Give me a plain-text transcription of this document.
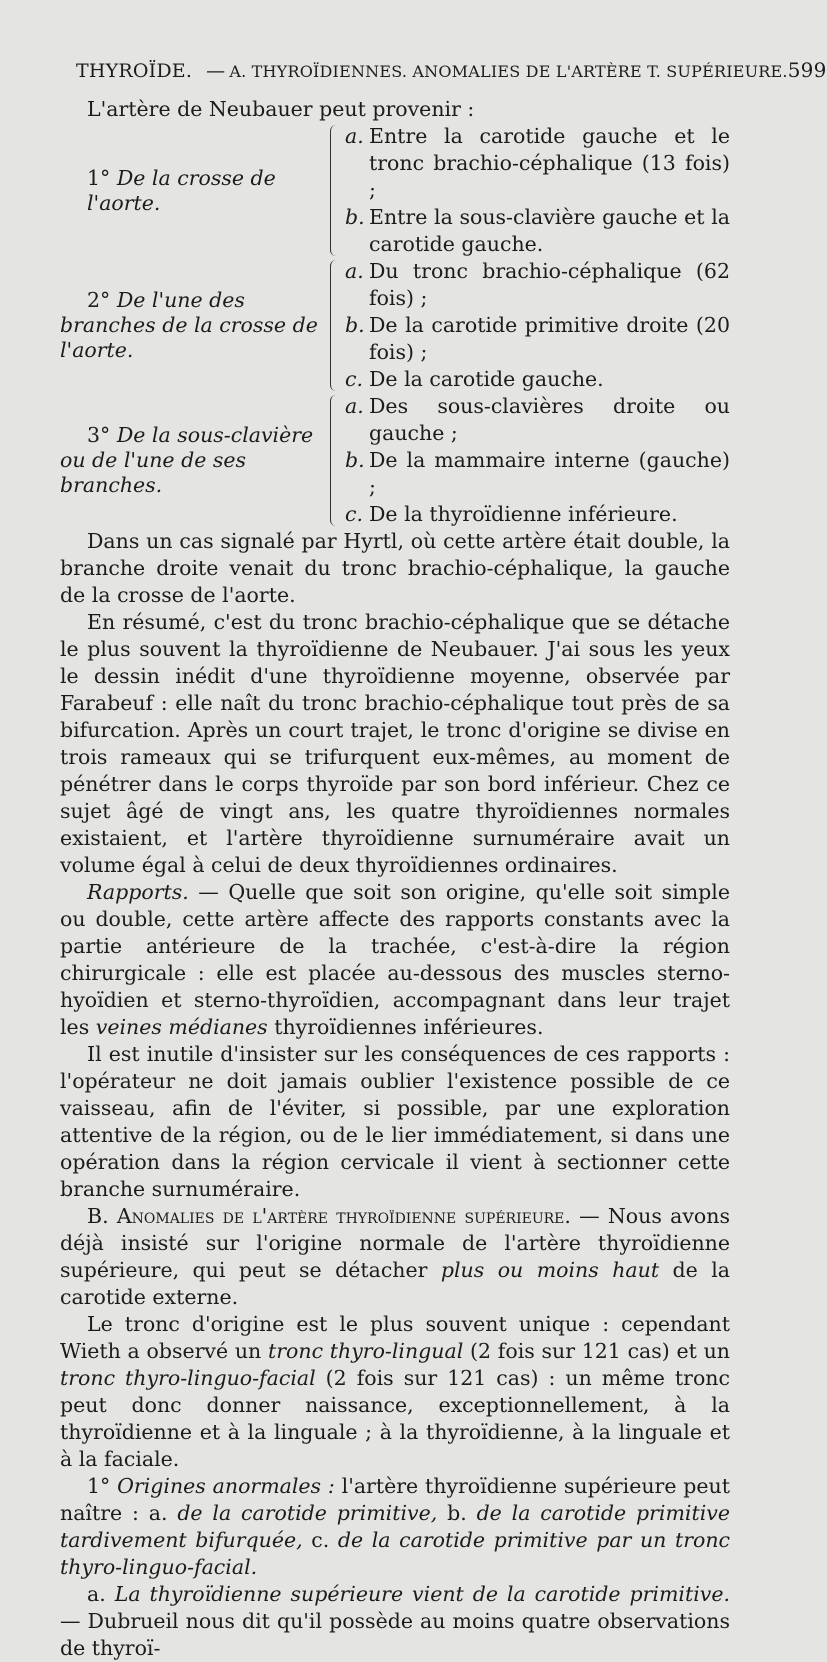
THYROÏDE. — A. THYROÏDIENNES. ANOMALIES DE L'ARTÈRE T. SUPÉRIEURE. 599

L'artère de Neubauer peut provenir :

1° De la crosse de l'aorte.
a. Entre la carotide gauche et le tronc brachio-céphalique (13 fois) ;
b. Entre la sous-clavière gauche et la carotide gauche.
2° De l'une des branches de la crosse de l'aorte.
a. Du tronc brachio-céphalique (62 fois) ;
b. De la carotide primitive droite (20 fois) ;
c. De la carotide gauche.
3° De la sous-clavière ou de l'une de ses branches.
a. Des sous-clavières droite ou gauche ;
b. De la mammaire interne (gauche) ;
c. De la thyroïdienne inférieure.

Dans un cas signalé par Hyrtl, où cette artère était double, la branche droite venait du tronc brachio-céphalique, la gauche de la crosse de l'aorte.

En résumé, c'est du tronc brachio-céphalique que se détache le plus souvent la thyroïdienne de Neubauer. J'ai sous les yeux le dessin inédit d'une thyroïdienne moyenne, observée par Farabeuf : elle naît du tronc brachio-céphalique tout près de sa bifurcation. Après un court trajet, le tronc d'origine se divise en trois rameaux qui se trifurquent eux-mêmes, au moment de pénétrer dans le corps thyroïde par son bord inférieur. Chez ce sujet âgé de vingt ans, les quatre thyroïdiennes normales existaient, et l'artère thyroïdienne surnuméraire avait un volume égal à celui de deux thyroïdiennes ordinaires.

Rapports. — Quelle que soit son origine, qu'elle soit simple ou double, cette artère affecte des rapports constants avec la partie antérieure de la trachée, c'est-à-dire la région chirurgicale : elle est placée au-dessous des muscles sterno-hyoïdien et sterno-thyroïdien, accompagnant dans leur trajet les veines médianes thyroïdiennes inférieures.

Il est inutile d'insister sur les conséquences de ces rapports : l'opérateur ne doit jamais oublier l'existence possible de ce vaisseau, afin de l'éviter, si possible, par une exploration attentive de la région, ou de le lier immédiatement, si dans une opération dans la région cervicale il vient à sectionner cette branche surnuméraire.

B. Anomalies de l'artère thyroïdienne supérieure. — Nous avons déjà insisté sur l'origine normale de l'artère thyroïdienne supérieure, qui peut se détacher plus ou moins haut de la carotide externe.

Le tronc d'origine est le plus souvent unique : cependant Wieth a observé un tronc thyro-lingual (2 fois sur 121 cas) et un tronc thyro-linguo-facial (2 fois sur 121 cas) : un même tronc peut donc donner naissance, exceptionnellement, à la thyroïdienne et à la linguale ; à la thyroïdienne, à la linguale et à la faciale.

1° Origines anormales : l'artère thyroïdienne supérieure peut naître : a. de la carotide primitive, b. de la carotide primitive tardivement bifurquée, c. de la carotide primitive par un tronc thyro-linguo-facial.

a. La thyroïdienne supérieure vient de la carotide primitive. — Dubrueil nous dit qu'il possède au moins quatre observations de thyroï-
